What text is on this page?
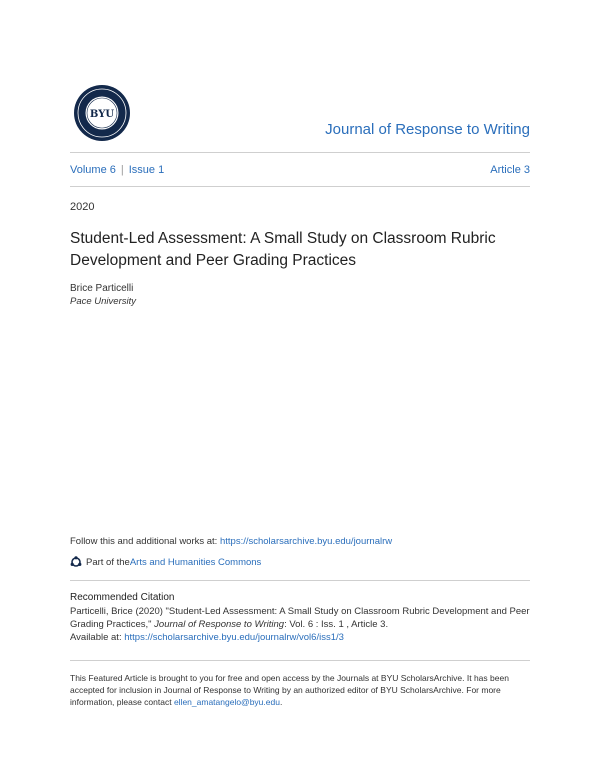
BYU
Journal of Response to Writing
Volume 6 | Issue 1	Article 3
2020
Student-Led Assessment: A Small Study on Classroom Rubric Development and Peer Grading Practices
Brice Particelli
Pace University
Follow this and additional works at: https://scholarsarchive.byu.edu/journalrw
Part of the Arts and Humanities Commons
Recommended Citation
Particelli, Brice (2020) "Student-Led Assessment: A Small Study on Classroom Rubric Development and Peer Grading Practices," Journal of Response to Writing: Vol. 6 : Iss. 1 , Article 3.
Available at: https://scholarsarchive.byu.edu/journalrw/vol6/iss1/3
This Featured Article is brought to you for free and open access by the Journals at BYU ScholarsArchive. It has been accepted for inclusion in Journal of Response to Writing by an authorized editor of BYU ScholarsArchive. For more information, please contact ellen_amatangelo@byu.edu.
